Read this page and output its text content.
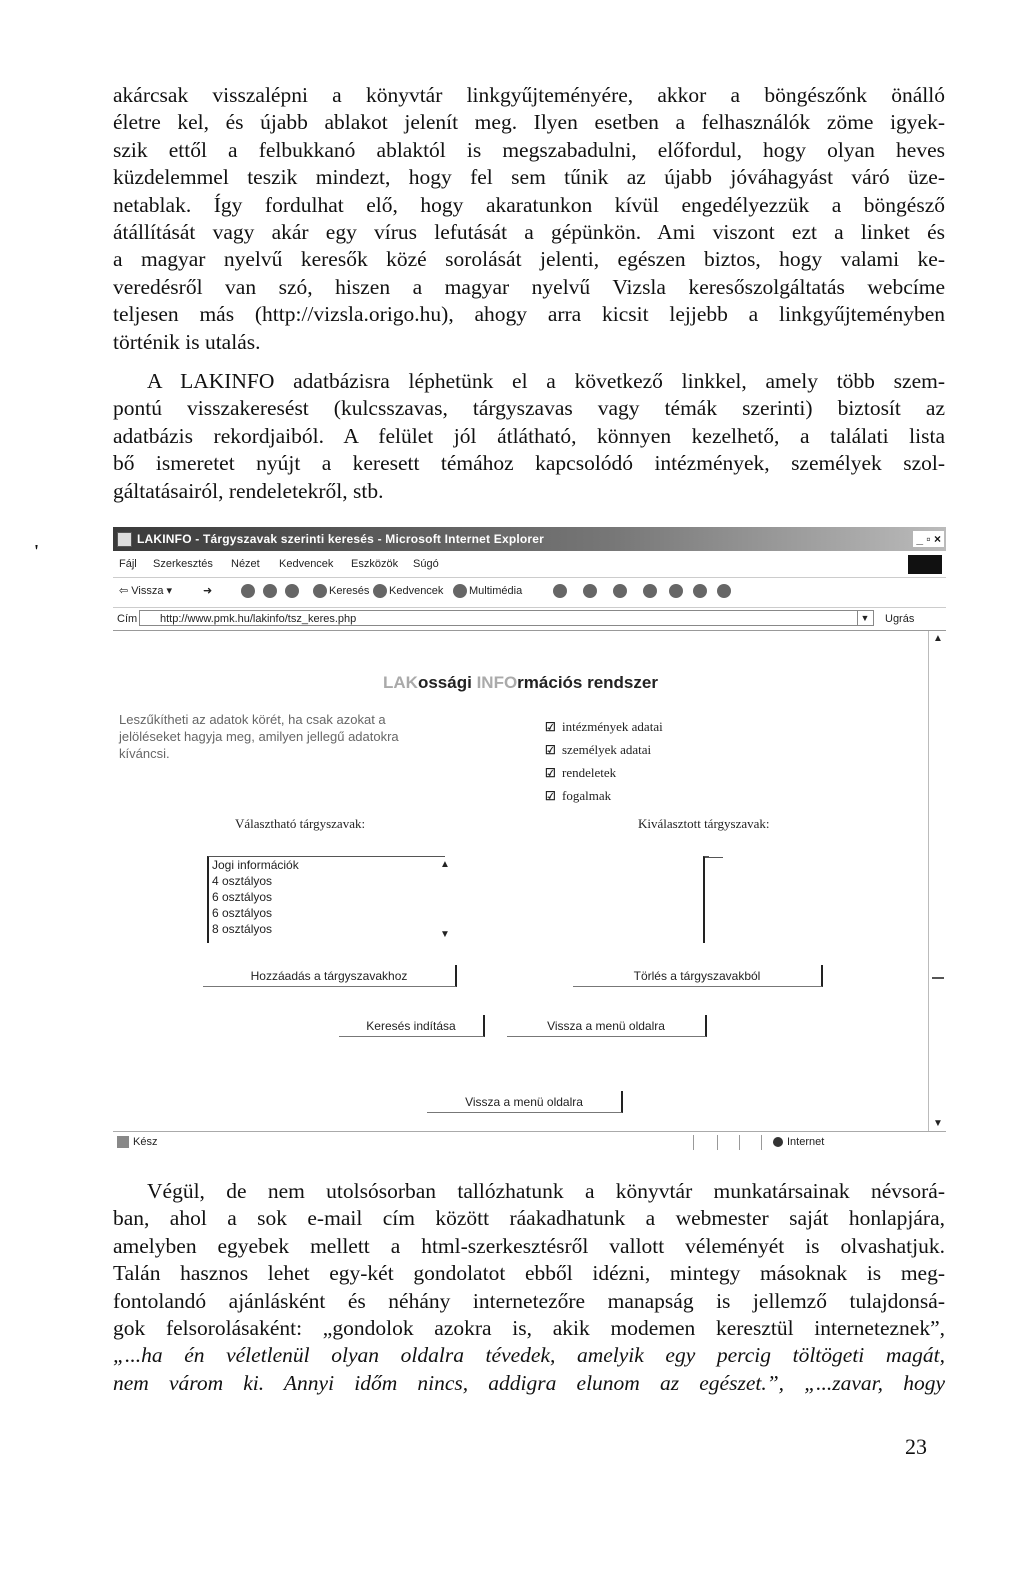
akárcsak visszalépni a könyvtár linkgyűjteményére, akkor a böngészőnk önálló
életre kel, és újabb ablakot jelenít meg. Ilyen esetben a felhasználók zöme igyek-
szik ettől a felbukkanó ablaktól is megszabadulni, előfordul, hogy olyan heves
küzdelemmel teszik mindezt, hogy fel sem tűnik az újabb jóváhagyást váró üze-
netablak. Így fordulhat elő, hogy akaratunkon kívül engedélyezzük a böngésző
átállítását vagy akár egy vírus lefutását a gépünkön. Ami viszont ezt a linket és
a magyar nyelvű keresők közé sorolását jelenti, egészen biztos, hogy valami ke-
veredésről van szó, hiszen a magyar nyelvű Vizsla keresőszolgáltatás webcíme
teljesen más (http://vizsla.origo.hu), ahogy arra kicsit lejjebb a linkgyűjteményben
történik is utalás.
A LAKINFO adatbázisra léphetünk el a következő linkkel, amely több szem-
pontú visszakeresést (kulcsszavas, tárgyszavas vagy témák szerinti) biztosít az
adatbázis rekordjaiból. A felület jól átlátható, könnyen kezelhető, a találati lista
bő ismeretet nyújt a keresett témához kapcsolódó intézmények, személyek szol-
gáltatásairól, rendeletekről, stb.
'
LAKINFO - Tárgyszavak szerinti keresés - Microsoft Internet Explorer	_ ▫ ×
Fájl Szerkesztés Nézet Kedvencek Eszközök Súgó
⇦ Vissza ▾	➜	Keresés Kedvencek Multimédia
Cím	http://www.pmk.hu/lakinfo/tsz_keres.php	▼ Ugrás
LAKossági INFOrmációs rendszer
Leszűkítheti az adatok körét, ha csak azokat a jelöléseket hagyja meg, amilyen jellegű adatokra kíváncsi.
☑ intézmények adatai
☑ személyek adatai
☑ rendeletek
☑ fogalmak
Választható tárgyszavak:	Kiválasztott tárgyszavak:
Jogi információk
4 osztályos
6 osztályos
6 osztályos
8 osztályos
▲
▼
Hozzáadás a tárgyszavakhoz	Törlés a tárgyszavakból
Keresés indítása	Vissza a menü oldalra
Vissza a menü oldalra
▲
▼
Kész	Internet
Végül, de nem utolsósorban tallózhatunk a könyvtár munkatársainak névsorá-
ban, ahol a sok e-mail cím között ráakadhatunk a webmester saját honlapjára,
amelyben egyebek mellett a html-szerkesztésről vallott véleményét is olvashatjuk.
Talán hasznos lehet egy-két gondolatot ebből idézni, mintegy másoknak is meg-
fontolandó ajánlásként és néhány internetezőre manapság is jellemző tulajdonsá-
gok felsorolásaként: „gondolok azokra is, akik modemen keresztül interneteznek”,
„...ha én véletlenül olyan oldalra tévedek, amelyik egy percig töltögeti magát,
nem várom ki. Annyi időm nincs, addigra elunom az egészet.”, „...zavar, hogy
23
